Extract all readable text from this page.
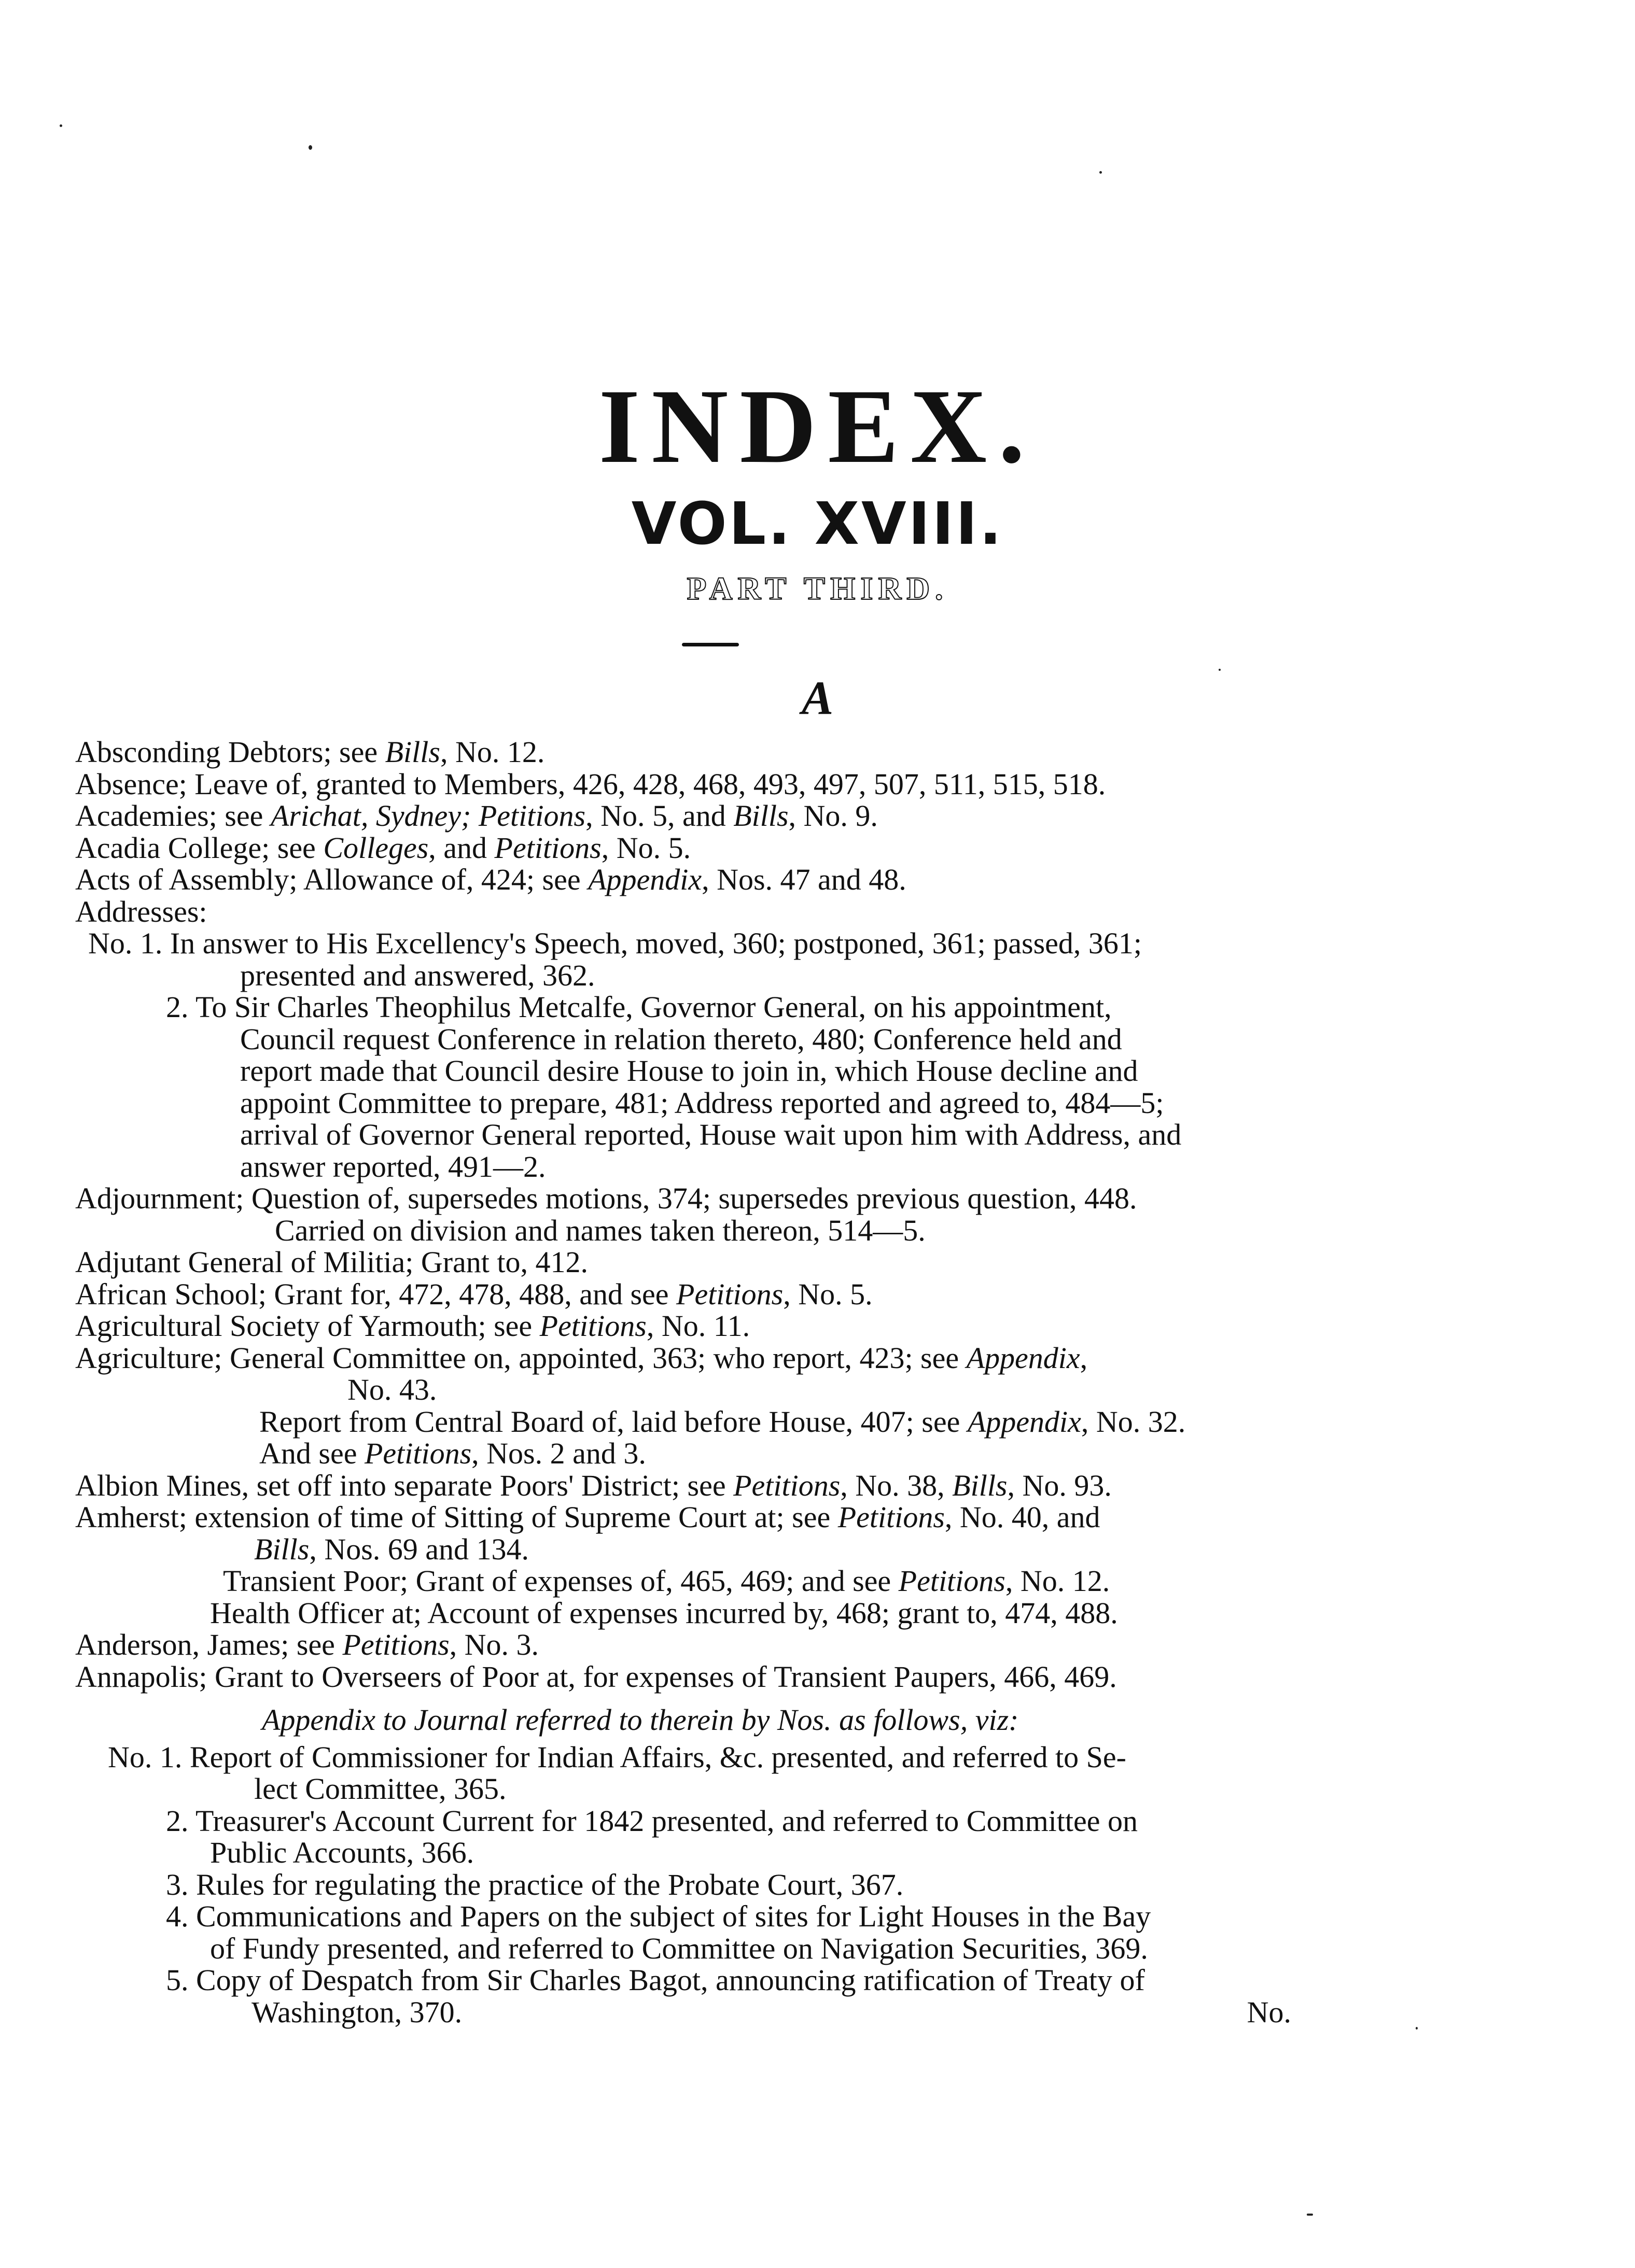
INDEX.
VOL. XVIII.
PART THIRD.
A
Absconding Debtors; see Bills, No. 12.
Absence; Leave of, granted to Members, 426, 428, 468, 493, 497, 507, 511, 515, 518.
Academies; see Arichat, Sydney; Petitions, No. 5, and Bills, No. 9.
Acadia College; see Colleges, and Petitions, No. 5.
Acts of Assembly; Allowance of, 424; see Appendix, Nos. 47 and 48.
Addresses:
No. 1. In answer to His Excellency's Speech, moved, 360; postponed, 361; passed, 361;
presented and answered, 362.
2. To Sir Charles Theophilus Metcalfe, Governor General, on his appointment,
Council request Conference in relation thereto, 480; Conference held and
report made that Council desire House to join in, which House decline and
appoint Committee to prepare, 481; Address reported and agreed to, 484—5;
arrival of Governor General reported, House wait upon him with Address, and
answer reported, 491—2.
Adjournment; Question of, supersedes motions, 374; supersedes previous question, 448.
Carried on division and names taken thereon, 514—5.
Adjutant General of Militia; Grant to, 412.
African School; Grant for, 472, 478, 488, and see Petitions, No. 5.
Agricultural Society of Yarmouth; see Petitions, No. 11.
Agriculture; General Committee on, appointed, 363; who report, 423; see Appendix,
No. 43.
Report from Central Board of, laid before House, 407; see Appendix, No. 32.
And see Petitions, Nos. 2 and 3.
Albion Mines, set off into separate Poors' District; see Petitions, No. 38, Bills, No. 93.
Amherst; extension of time of Sitting of Supreme Court at; see Petitions, No. 40, and
Bills, Nos. 69 and 134.
Transient Poor; Grant of expenses of, 465, 469; and see Petitions, No. 12.
Health Officer at; Account of expenses incurred by, 468; grant to, 474, 488.
Anderson, James; see Petitions, No. 3.
Annapolis; Grant to Overseers of Poor at, for expenses of Transient Paupers, 466, 469.
Appendix to Journal referred to therein by Nos. as follows, viz:
No. 1. Report of Commissioner for Indian Affairs, &c. presented, and referred to Se-
lect Committee, 365.
2. Treasurer's Account Current for 1842 presented, and referred to Committee on
Public Accounts, 366.
3. Rules for regulating the practice of the Probate Court, 367.
4. Communications and Papers on the subject of sites for Light Houses in the Bay
of Fundy presented, and referred to Committee on Navigation Securities, 369.
5. Copy of Despatch from Sir Charles Bagot, announcing ratification of Treaty of
Washington, 370.	No.
